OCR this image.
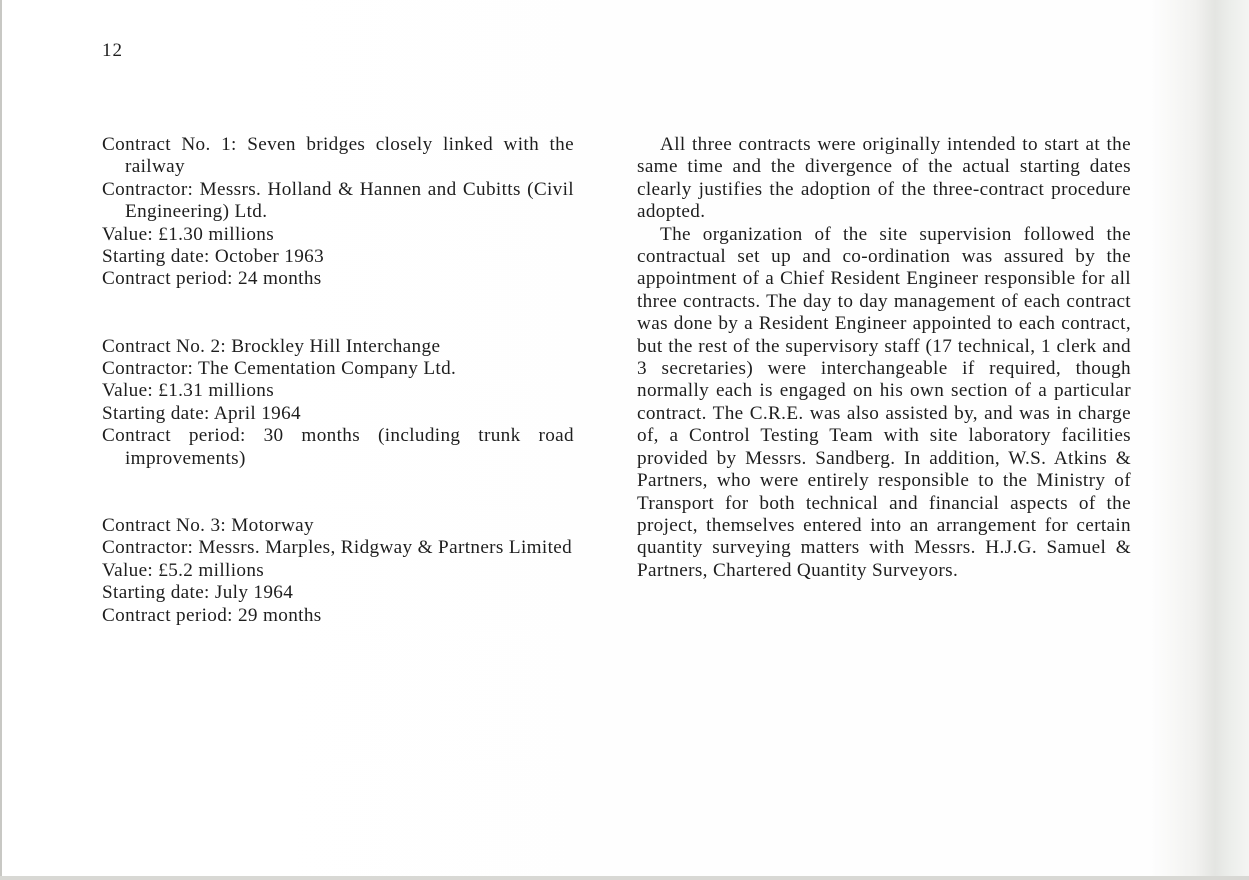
12
Contract No. 1: Seven bridges closely linked with the railway
Contractor: Messrs. Holland & Hannen and Cubitts (Civil Engineering) Ltd.
Value: £1.30 millions
Starting date: October 1963
Contract period: 24 months
Contract No. 2: Brockley Hill Interchange
Contractor: The Cementation Company Ltd.
Value: £1.31 millions
Starting date: April 1964
Contract period: 30 months (including trunk road improvements)
Contract No. 3: Motorway
Contractor: Messrs. Marples, Ridgway & Partners Limited
Value: £5.2 millions
Starting date: July 1964
Contract period: 29 months

All three contracts were originally intended to start at the same time and the divergence of the actual starting dates clearly justifies the adoption of the three-contract procedure adopted.

The organization of the site supervision followed the contractual set up and co-ordination was assured by the appointment of a Chief Resident Engineer responsible for all three contracts. The day to day management of each contract was done by a Resident Engineer appointed to each contract, but the rest of the supervisory staff (17 technical, 1 clerk and 3 secretaries) were interchangeable if required, though normally each is engaged on his own section of a particular contract. The C.R.E. was also assisted by, and was in charge of, a Control Testing Team with site laboratory facilities provided by Messrs. Sandberg. In addition, W.S. Atkins & Partners, who were entirely responsible to the Ministry of Transport for both technical and financial aspects of the project, themselves entered into an arrangement for certain quantity surveying matters with Messrs. H.J.G. Samuel & Partners, Chartered Quantity Surveyors.
